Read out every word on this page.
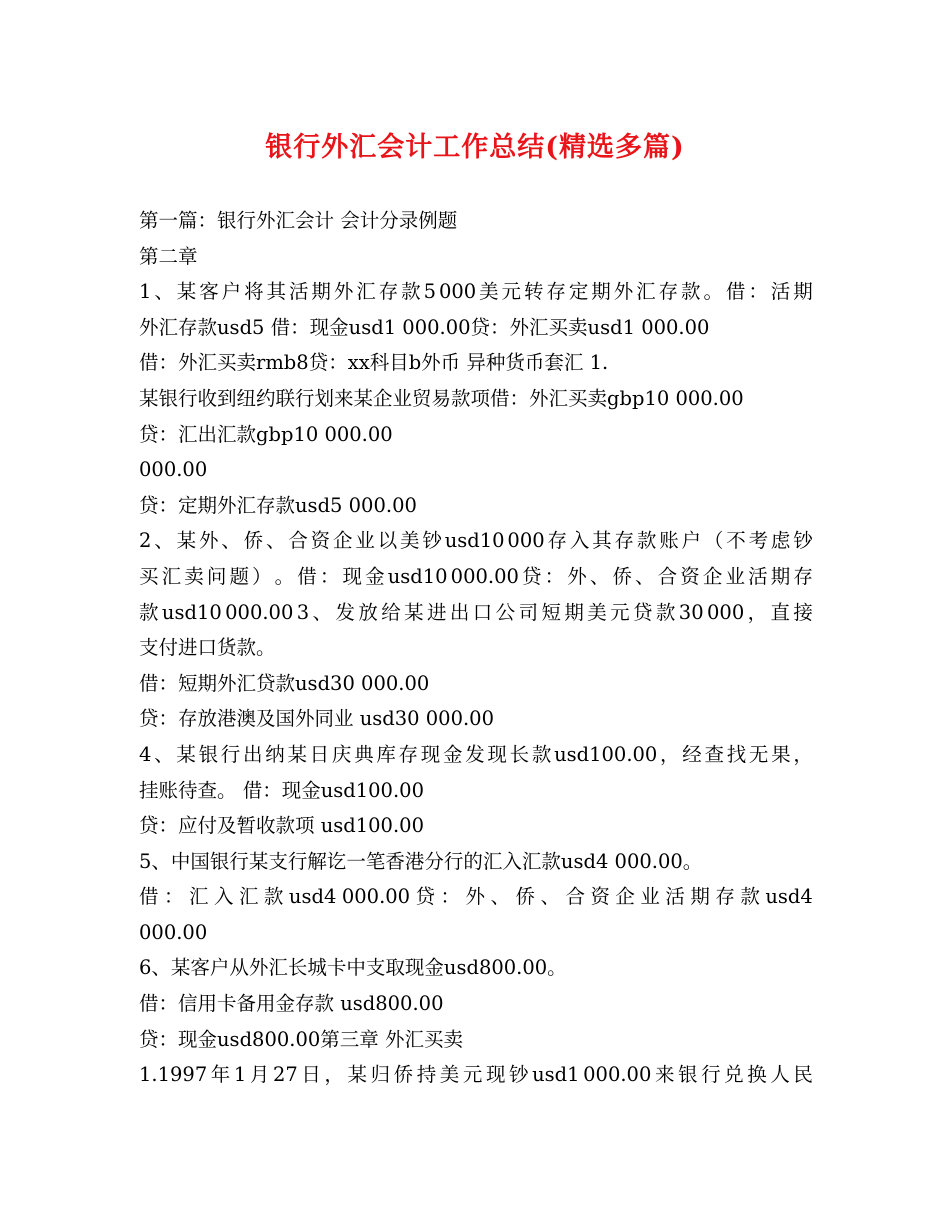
银行外汇会计工作总结(精选多篇)
第一篇：银行外汇会计 会计分录例题
第二章
1 、 某 客 户 将 其 活 期 外 汇 存 款 5 000 美 元 转 存 定 期 外 汇 存 款 。 借 ： 活 期
外汇存款usd5 借：现金usd1 000.00贷：外汇买卖usd1 000.00
借：外汇买卖rmb8贷：xx科目b外币 异种货币套汇 1.
某银行收到纽约联行划来某企业贸易款项借：外汇买卖gbp10 000.00
贷：汇出汇款gbp10 000.00
000.00
贷：定期外汇存款usd5 000.00
2 、 某 外 、 侨 、 合 资 企 业 以 美 钞 usd10 000 存 入 其 存 款 账 户 （ 不 考 虑 钞
买 汇 卖 问 题 ） 。 借 ： 现 金 usd10 000.00 贷 ： 外 、 侨 、 合 资 企 业 活 期 存
款 usd10 000.00 3 、 发 放 给 某 进 出 口 公 司 短 期 美 元 贷 款 30 000 ， 直 接
支付进口货款。
借：短期外汇贷款usd30 000.00
贷：存放港澳及国外同业 usd30 000.00
4 、 某 银 行 出 纳 某 日 庆 典 库 存 现 金 发 现 长 款 usd100.00 ， 经 查 找 无 果 ，
挂账待查。 借：现金usd100.00
贷：应付及暂收款项 usd100.00
5、中国银行某支行解讫一笔香港分行的汇入汇款usd4 000.00。
借 ： 汇 入 汇 款 usd4 000.00 贷 ： 外 、 侨 、 合 资 企 业 活 期 存 款 usd4
000.00
6、某客户从外汇长城卡中支取现金usd800.00。
借：信用卡备用金存款 usd800.00
贷：现金usd800.00第三章 外汇买卖
1.1997 年 1 月 27 日 ， 某 归 侨 持 美 元 现 钞 usd1 000.00 来 银 行 兑 换 人 民
